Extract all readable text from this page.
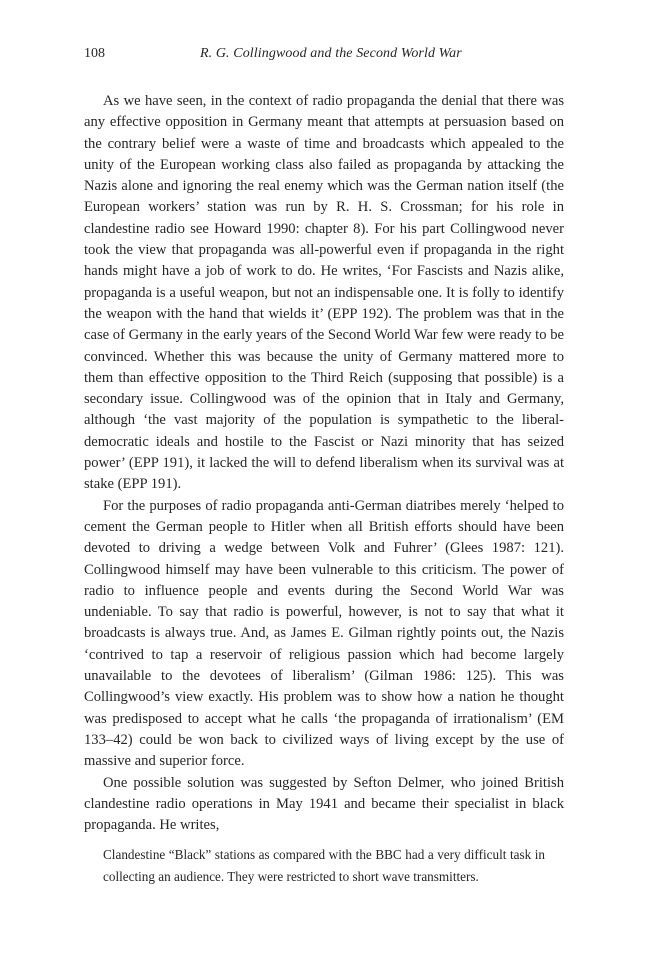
108	R. G. Collingwood and the Second World War

As we have seen, in the context of radio propaganda the denial that there was any effective opposition in Germany meant that attempts at persuasion based on the contrary belief were a waste of time and broadcasts which appealed to the unity of the European working class also failed as propaganda by attacking the Nazis alone and ignoring the real enemy which was the German nation itself (the European workers’ station was run by R. H. S. Crossman; for his role in clandestine radio see Howard 1990: chapter 8). For his part Collingwood never took the view that propaganda was all-powerful even if propaganda in the right hands might have a job of work to do. He writes, ‘For Fascists and Nazis alike, propaganda is a useful weapon, but not an indispensable one. It is folly to identify the weapon with the hand that wields it’ (EPP 192). The problem was that in the case of Germany in the early years of the Second World War few were ready to be convinced. Whether this was because the unity of Germany mattered more to them than effective opposition to the Third Reich (supposing that possible) is a secondary issue. Collingwood was of the opinion that in Italy and Germany, although ‘the vast majority of the population is sympathetic to the liberal-democratic ideals and hostile to the Fascist or Nazi minority that has seized power’ (EPP 191), it lacked the will to defend liberalism when its survival was at stake (EPP 191).

For the purposes of radio propaganda anti-German diatribes merely ‘helped to cement the German people to Hitler when all British efforts should have been devoted to driving a wedge between Volk and Fuhrer’ (Glees 1987: 121). Collingwood himself may have been vulnerable to this criticism. The power of radio to influence people and events during the Second World War was undeniable. To say that radio is powerful, however, is not to say that what it broadcasts is always true. And, as James E. Gilman rightly points out, the Nazis ‘contrived to tap a reservoir of religious passion which had become largely unavailable to the devotees of liberalism’ (Gilman 1986: 125). This was Collingwood’s view exactly. His problem was to show how a nation he thought was predisposed to accept what he calls ‘the propaganda of irrationalism’ (EM 133–42) could be won back to civilized ways of living except by the use of massive and superior force.

One possible solution was suggested by Sefton Delmer, who joined British clandestine radio operations in May 1941 and became their specialist in black propaganda. He writes,

Clandestine “Black” stations as compared with the BBC had a very difficult task in collecting an audience. They were restricted to short wave transmitters.
